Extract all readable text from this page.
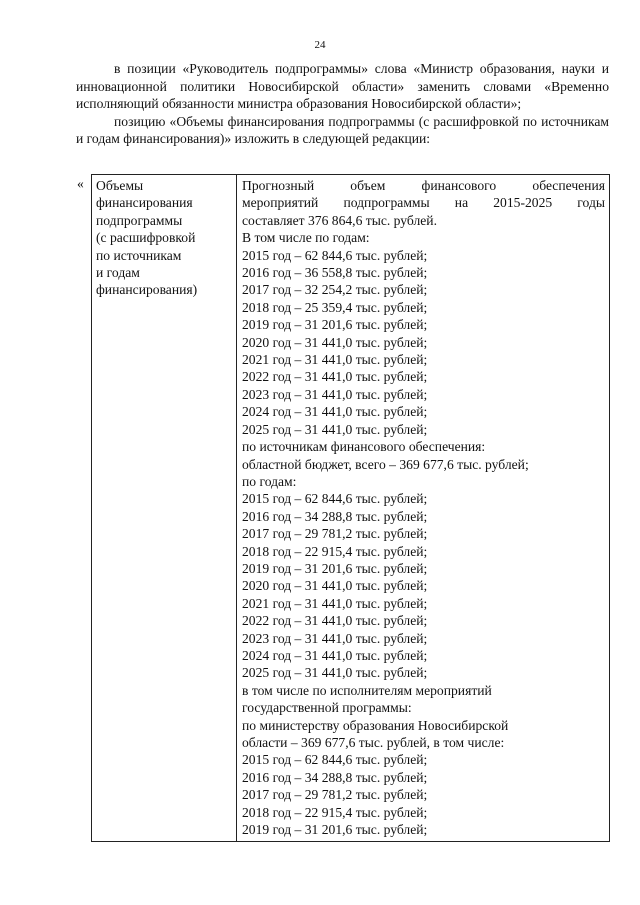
24

в позиции «Руководитель подпрограммы» слова «Министр образования, науки и инновационной политики Новосибирской области» заменить словами «Временно исполняющий обязанности министра образования Новосибирской области»;

позицию «Объемы финансирования подпрограммы (с расшифровкой по источникам и годам финансирования)» изложить в следующей редакции:

« Объемы
финансирования
подпрограммы
(с расшифровкой
по источникам
и годам
финансирования)
Прогнозный объем финансового обеспечения
мероприятий подпрограммы на 2015-2025 годы
составляет 376 864,6 тыс. рублей.
В том числе по годам:
2015 год – 62 844,6 тыс. рублей;
2016 год – 36 558,8 тыс. рублей;
2017 год – 32 254,2 тыс. рублей;
2018 год – 25 359,4 тыс. рублей;
2019 год – 31 201,6 тыс. рублей;
2020 год – 31 441,0 тыс. рублей;
2021 год – 31 441,0 тыс. рублей;
2022 год – 31 441,0 тыс. рублей;
2023 год – 31 441,0 тыс. рублей;
2024 год – 31 441,0 тыс. рублей;
2025 год – 31 441,0 тыс. рублей;
по источникам финансового обеспечения:
областной бюджет, всего – 369 677,6 тыс. рублей;
по годам:
2015 год – 62 844,6 тыс. рублей;
2016 год – 34 288,8 тыс. рублей;
2017 год – 29 781,2 тыс. рублей;
2018 год – 22 915,4 тыс. рублей;
2019 год – 31 201,6 тыс. рублей;
2020 год – 31 441,0 тыс. рублей;
2021 год – 31 441,0 тыс. рублей;
2022 год – 31 441,0 тыс. рублей;
2023 год – 31 441,0 тыс. рублей;
2024 год – 31 441,0 тыс. рублей;
2025 год – 31 441,0 тыс. рублей;
в том числе по исполнителям мероприятий
государственной программы:
по министерству образования Новосибирской
области – 369 677,6 тыс. рублей, в том числе:
2015 год – 62 844,6 тыс. рублей;
2016 год – 34 288,8 тыс. рублей;
2017 год – 29 781,2 тыс. рублей;
2018 год – 22 915,4 тыс. рублей;
2019 год – 31 201,6 тыс. рублей;
